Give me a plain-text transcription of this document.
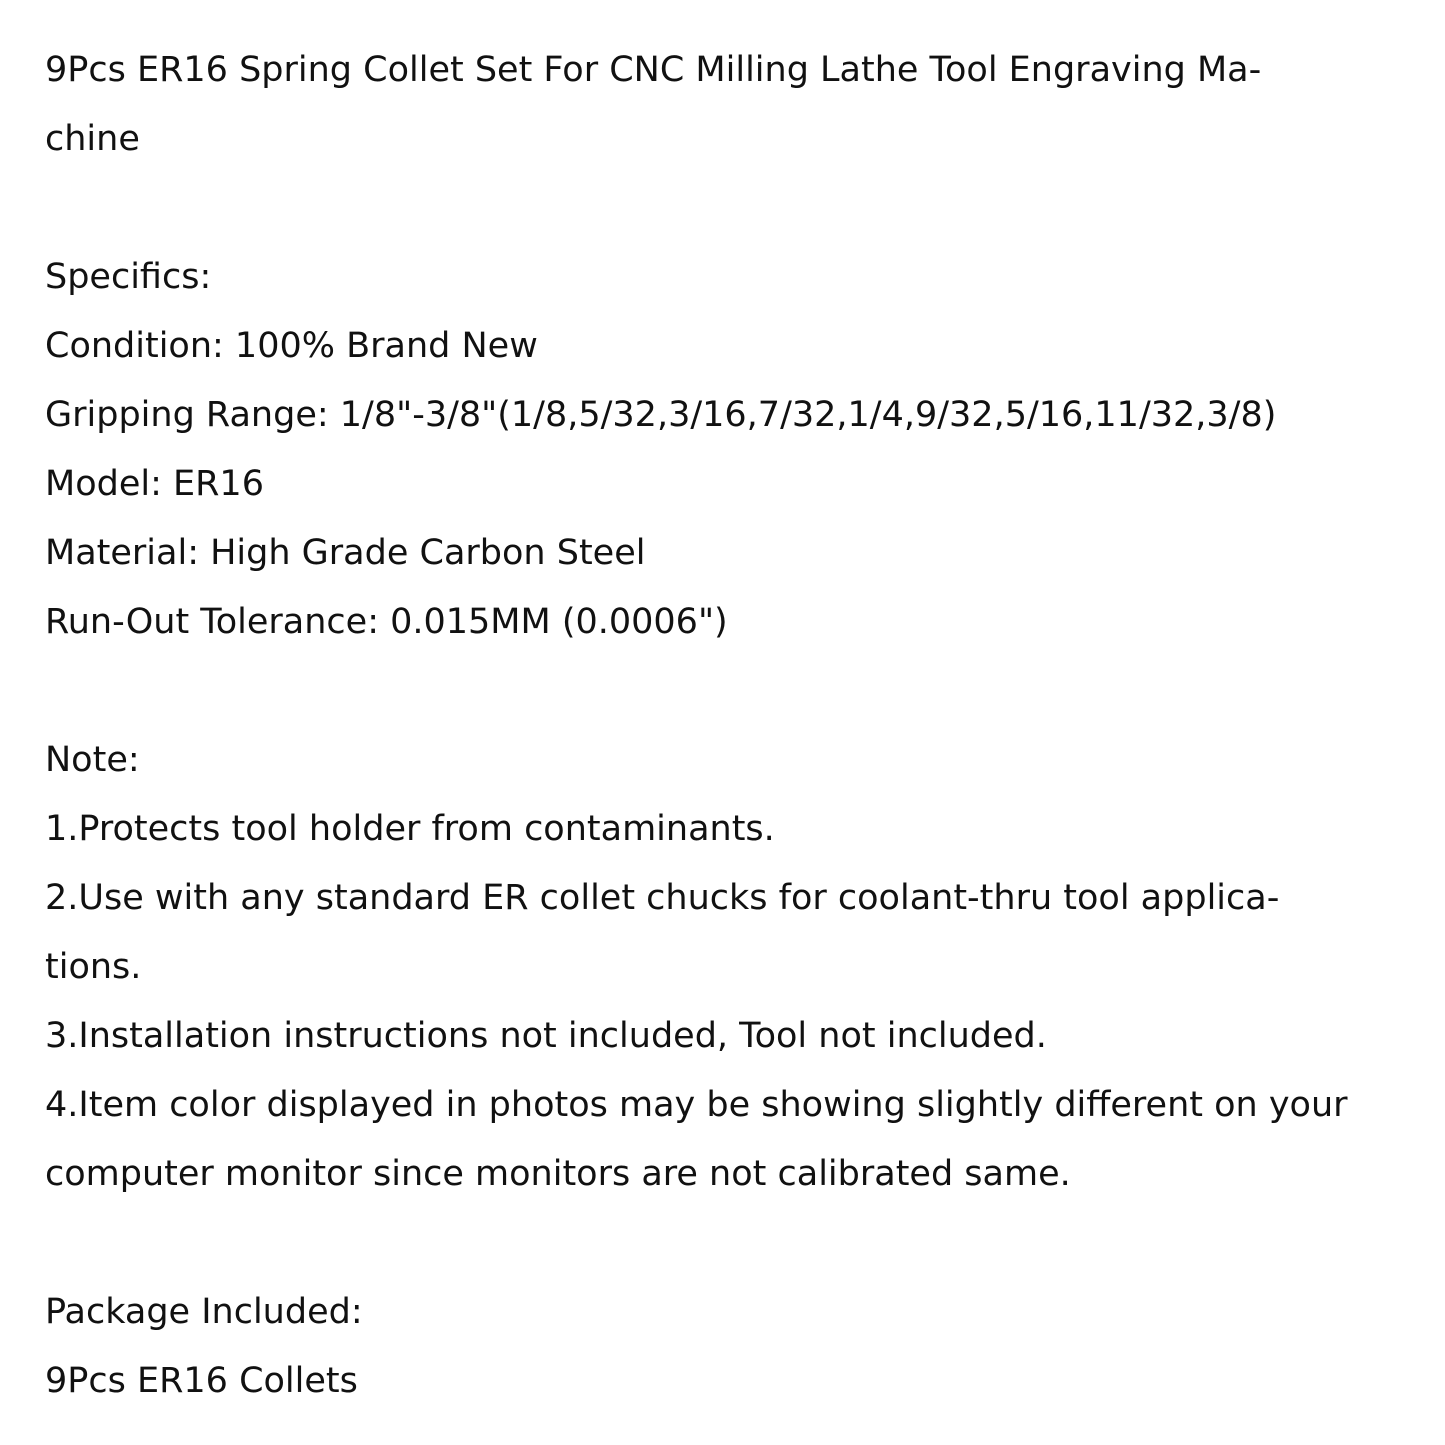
9Pcs ER16 Spring Collet Set For CNC Milling Lathe Tool Engraving Ma-
chine
Specifics:
Condition: 100% Brand New
Gripping Range: 1/8"-3/8"(1/8,5/32,3/16,7/32,1/4,9/32,5/16,11/32,3/8)
Model: ER16
Material: High Grade Carbon Steel
Run-Out Tolerance: 0.015MM (0.0006")
Note:
1.Protects tool holder from contaminants.
2.Use with any standard ER collet chucks for coolant-thru tool applica-
tions.
3.Installation instructions not included, Tool not included.
4.Item color displayed in photos may be showing slightly different on your
computer monitor since monitors are not calibrated same.
Package Included:
9Pcs ER16 Collets
